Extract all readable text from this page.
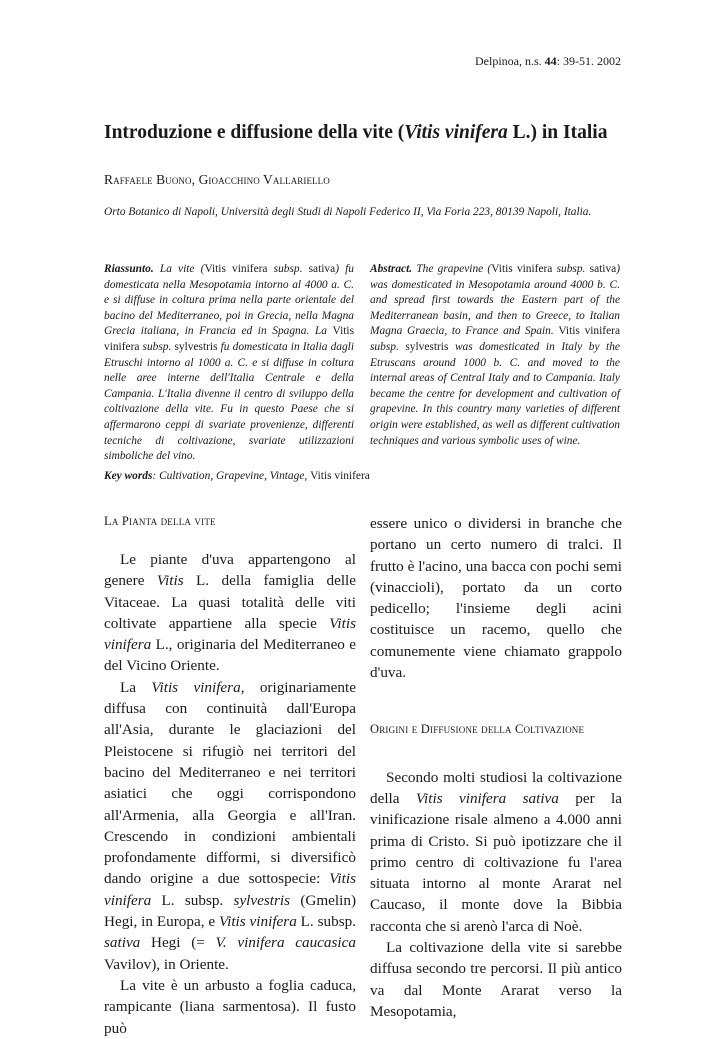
Delpinoa, n.s. 44: 39-51. 2002
Introduzione e diffusione della vite (Vitis vinifera L.) in Italia
Raffaele Buono, Gioacchino Vallariello
Orto Botanico di Napoli, Università degli Studi di Napoli Federico II, Via Foria 223, 80139 Napoli, Italia.

Riassunto. La vite (Vitis vinifera subsp. sativa) fu domesticata nella Mesopotamia intorno al 4000 a. C. e si diffuse in coltura prima nella parte orientale del bacino del Mediterraneo, poi in Grecia, nella Magna Grecia italiana, in Francia ed in Spagna. La Vitis vinifera subsp. sylvestris fu domesticata in Italia dagli Etruschi intorno al 1000 a. C. e si diffuse in coltura nelle aree interne dell'Italia Centrale e della Campania. L'Italia divenne il centro di sviluppo della coltivazione della vite. Fu in questo Paese che si affermarono ceppi di svariate provenienze, differenti tecniche di coltivazione, svariate utilizzazioni simboliche del vino.

Abstract. The grapevine (Vitis vinifera subsp. sativa) was domesticated in Mesopotamia around 4000 b. C. and spread first towards the Eastern part of the Mediterranean basin, and then to Greece, to Italian Magna Graecia, to France and Spain. Vitis vinifera subsp. sylvestris was domesticated in Italy by the Etruscans around 1000 b. C. and moved to the internal areas of Central Italy and to Campania. Italy became the centre for development and cultivation of grapevine. In this country many varieties of different origin were established, as well as different cultivation techniques and various symbolic uses of wine.

Key words: Cultivation, Grapevine, Vintage, Vitis vinifera
La Pianta della vite

Le piante d'uva appartengono al genere Vitis L. della famiglia delle Vitaceae. La quasi totalità delle viti coltivate appartiene alla specie Vitis vinifera L., originaria del Mediterraneo e del Vicino Oriente.

La Vitis vinifera, originariamente diffusa con continuità dall'Europa all'Asia, durante le glaciazioni del Pleistocene si rifugiò nei territori del bacino del Mediterraneo e nei territori asiatici che oggi corrispondono all'Armenia, alla Georgia e all'Iran. Crescendo in condizioni ambientali profondamente difformi, si diversificò dando origine a due sottospecie: Vitis vinifera L. subsp. sylvestris (Gmelin) Hegi, in Europa, e Vitis vinifera L. subsp. sativa Hegi (= V. vinifera caucasica Vavilov), in Oriente.

La vite è un arbusto a foglia caduca, rampicante (liana sarmentosa). Il fusto può

essere unico o dividersi in branche che portano un certo numero di tralci. Il frutto è l'acino, una bacca con pochi semi (vinaccioli), portato da un corto pedicello; l'insieme degli acini costituisce un racemo, quello che comunemente viene chiamato grappolo d'uva.

Origini e Diffusione della Coltivazione

Secondo molti studiosi la coltivazione della Vitis vinifera sativa per la vinificazione risale almeno a 4.000 anni prima di Cristo. Si può ipotizzare che il primo centro di coltivazione fu l'area situata intorno al monte Ararat nel Caucaso, il monte dove la Bibbia racconta che si arenò l'arca di Noè.

La coltivazione della vite si sarebbe diffusa secondo tre percorsi. Il più antico va dal Monte Ararat verso la Mesopotamia,
